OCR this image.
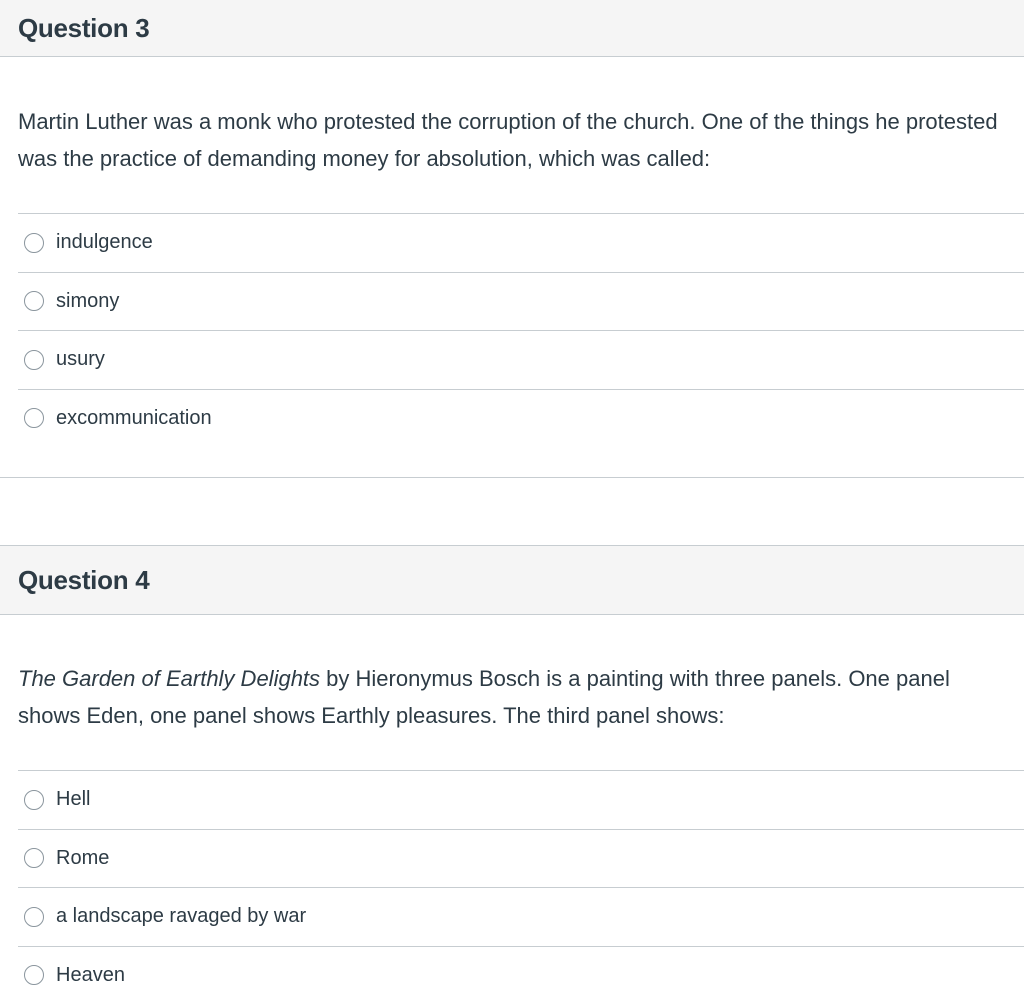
Question 3
Martin Luther was a monk who protested the corruption of the church. One of the things he protested was the practice of demanding money for absolution, which was called:
indulgence
simony
usury
excommunication
Question 4
The Garden of Earthly Delights by Hieronymus Bosch is a painting with three panels. One panel shows Eden, one panel shows Earthly pleasures. The third panel shows:
Hell
Rome
a landscape ravaged by war
Heaven
